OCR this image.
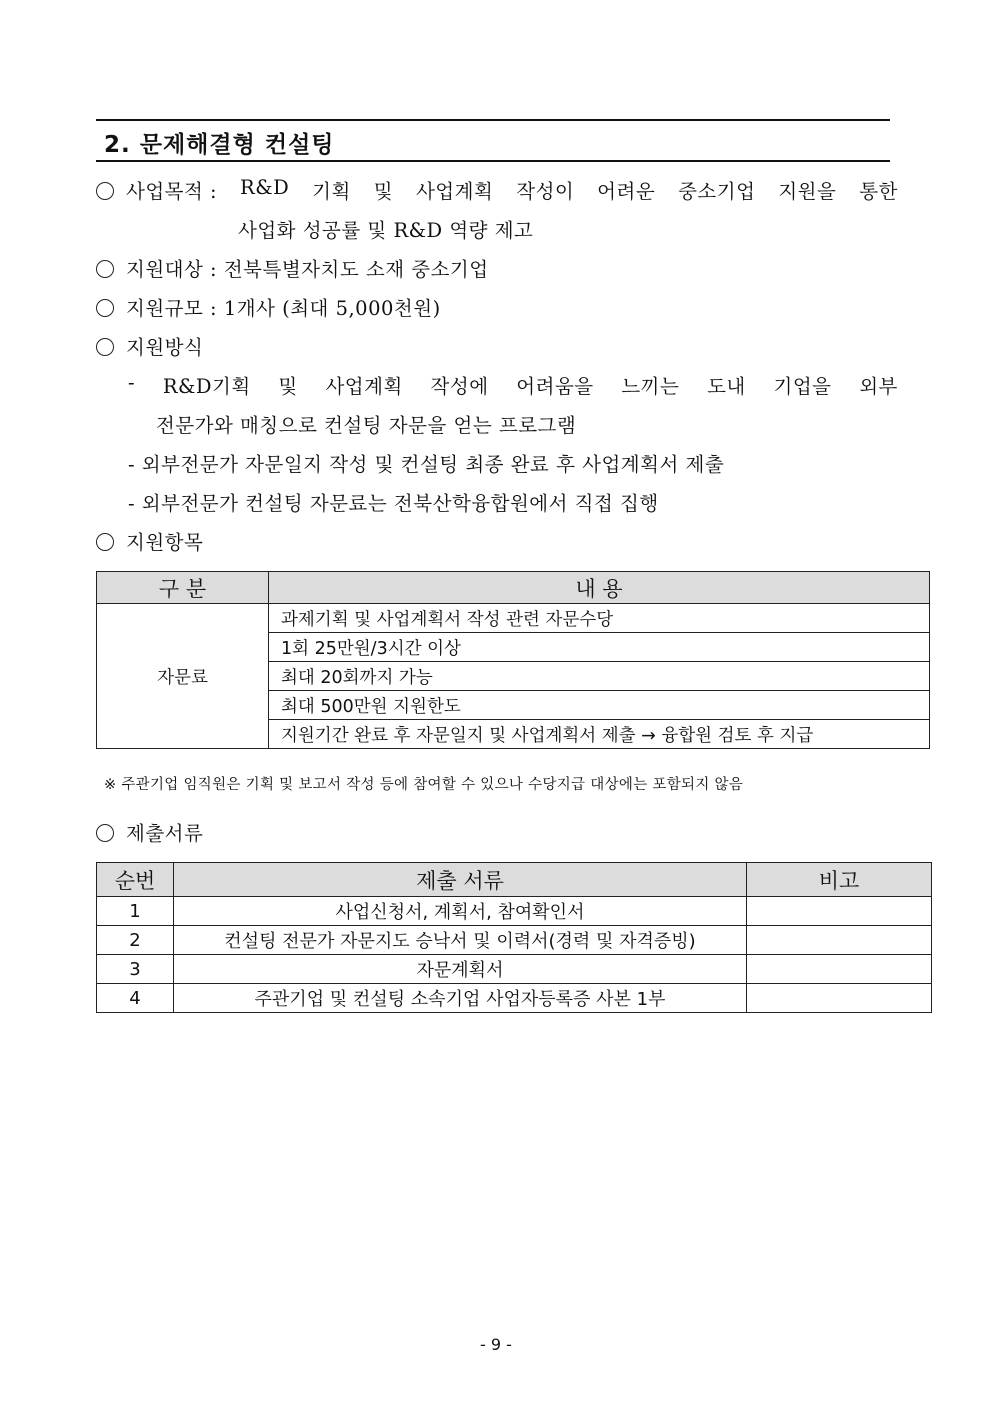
2. 문제해결형 컨설팅
사업목적 : R&D 기획 및 사업계획 작성이 어려운 중소기업 지원을 통한
사업화 성공률 및 R&D 역량 제고
지원대상 : 전북특별자치도 소재 중소기업
지원규모 : 1개사 (최대 5,000천원)
지원방식
- R&D기획 및 사업계획 작성에 어려움을 느끼는 도내 기업을 외부
전문가와 매칭으로 컨설팅 자문을 얻는 프로그램
- 외부전문가 자문일지 작성 및 컨설팅 최종 완료 후 사업계획서 제출
- 외부전문가 컨설팅 자문료는 전북산학융합원에서 직접 집행
지원항목
구 분	내 용
자문료	과제기획 및 사업계획서 작성 관련 자문수당
	1회 25만원/3시간 이상
	최대 20회까지 가능
	최대 500만원 지원한도
	지원기간 완료 후 자문일지 및 사업계획서 제출 → 융합원 검토 후 지급
※ 주관기업 임직원은 기획 및 보고서 작성 등에 참여할 수 있으나 수당지급 대상에는 포함되지 않음
제출서류
순번	제출 서류	비고
1	사업신청서, 계획서, 참여확인서	
2	컨설팅 전문가 자문지도 승낙서 및 이력서(경력 및 자격증빙)	
3	자문계획서	
4	주관기업 및 컨설팅 소속기업 사업자등록증 사본 1부	
- 9 -
